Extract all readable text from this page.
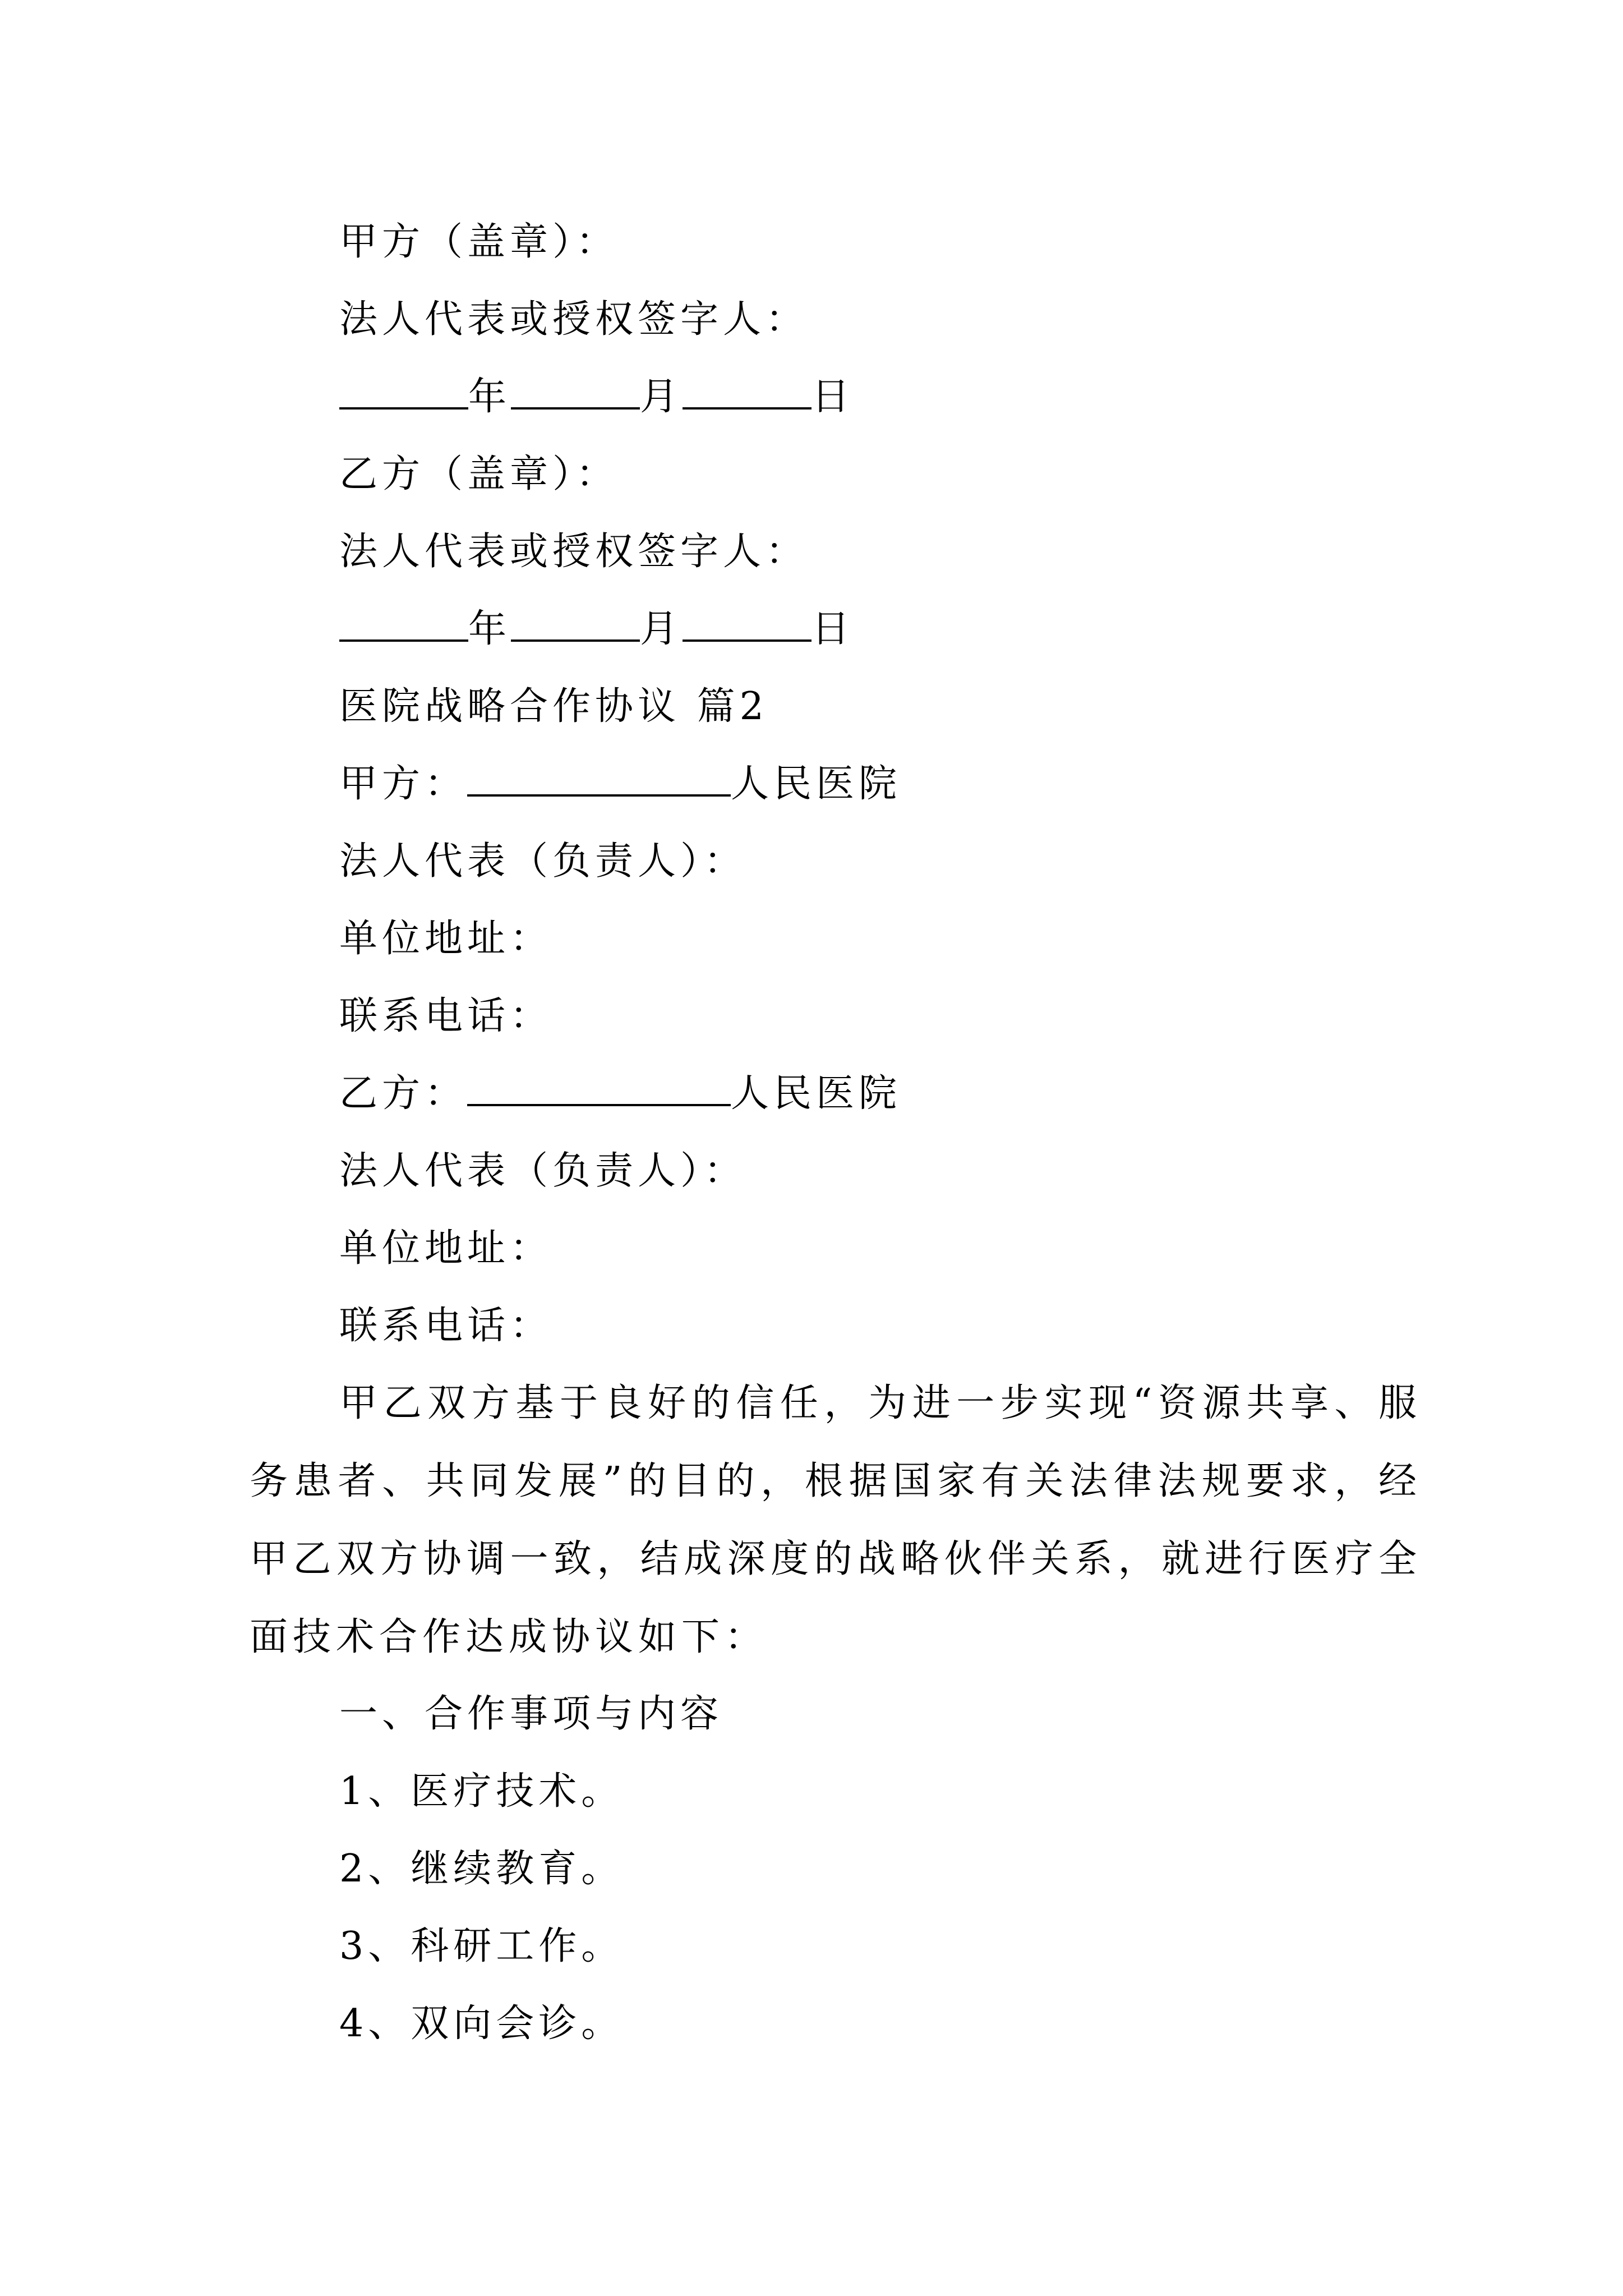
甲方（盖章）：
法人代表或授权签字人：
年	月	日
乙方（盖章）：
法人代表或授权签字人：
年	月	日
医院战略合作协议 篇2
甲方：	人民医院
法人代表（负责人）：
单位地址：
联系电话：
乙方：	人民医院
法人代表（负责人）：
单位地址：
联系电话：
甲乙双方基于良好的信任，为进一步实现“资源共享、服务患者、共同发展”的目的，根据国家有关法律法规要求，经甲乙双方协调一致，结成深度的战略伙伴关系，就进行医疗全面技术合作达成协议如下：
一、合作事项与内容
1、医疗技术。
2、继续教育。
3、科研工作。
4、双向会诊。
